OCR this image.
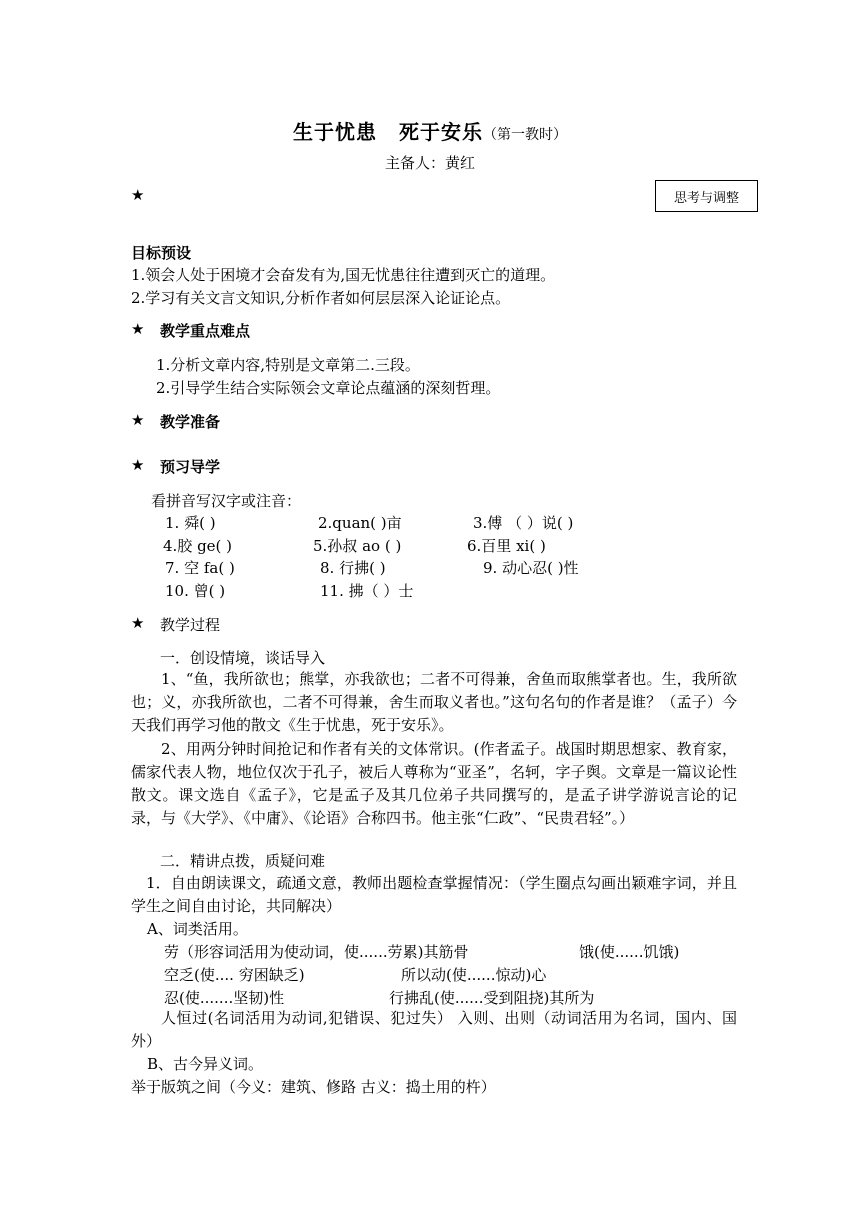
生于忧患 死于安乐（第一教时）
主备人：黄红
思考与调整
★
目标预设
1.领会人处于困境才会奋发有为,国无忧患往往遭到灭亡的道理。
2.学习有关文言文知识,分析作者如何层层深入论证论点。
★ 教学重点难点
1.分析文章内容,特别是文章第二.三段。
2.引导学生结合实际领会文章论点蕴涵的深刻哲理。
★ 教学准备
★ 预习导学
看拼音写汉字或注音：
1. 舜( )	2.quan( )亩	3.傅 （ ）说( )
4.胶 ge( )	5.孙叔 ao ( )	6.百里 xi( )
7. 空 fa( )	8. 行拂( )	9. 动心忍( )性
10. 曾( )	11. 拂（ ）士
★ 教学过程
一．创设情境，谈话导入
1、“鱼，我所欲也；熊掌，亦我欲也；二者不可得兼，舍鱼而取熊掌者也。生，我所欲也；义，亦我所欲也，二者不可得兼，舍生而取义者也。”这句名句的作者是谁？（孟子）今天我们再学习他的散文《生于忧患，死于安乐》。
2、用两分钟时间抢记和作者有关的文体常识。(作者孟子。战国时期思想家、教育家，儒家代表人物，地位仅次于孔子，被后人尊称为“亚圣”，名轲，字子舆。文章是一篇议论性散文。课文选自《孟子》，它是孟子及其几位弟子共同撰写的，是孟子讲学游说言论的记录，与《大学》、《中庸》、《论语》合称四书。他主张“仁政”、“民贵君轻”。）
二．精讲点拨，质疑问难
1．自由朗读课文，疏通文意，教师出题检查掌握情况：（学生圈点勾画出颖难字词，并且学生之间自由讨论，共同解决）
A、词类活用。
劳（形容词活用为使动词，使......劳累)其筋骨	饿(使......饥饿)
空乏(使.... 穷困缺乏)	所以动(使......惊动)心
忍(使.......坚韧)性	行拂乱(使......受到阻挠)其所为
人恒过(名词活用为动词,犯错误、犯过失） 入则、出则（动词活用为名词，国内、国外）
B、古今异义词。
举于版筑之间（今义：建筑、修路 古义：捣土用的杵）
